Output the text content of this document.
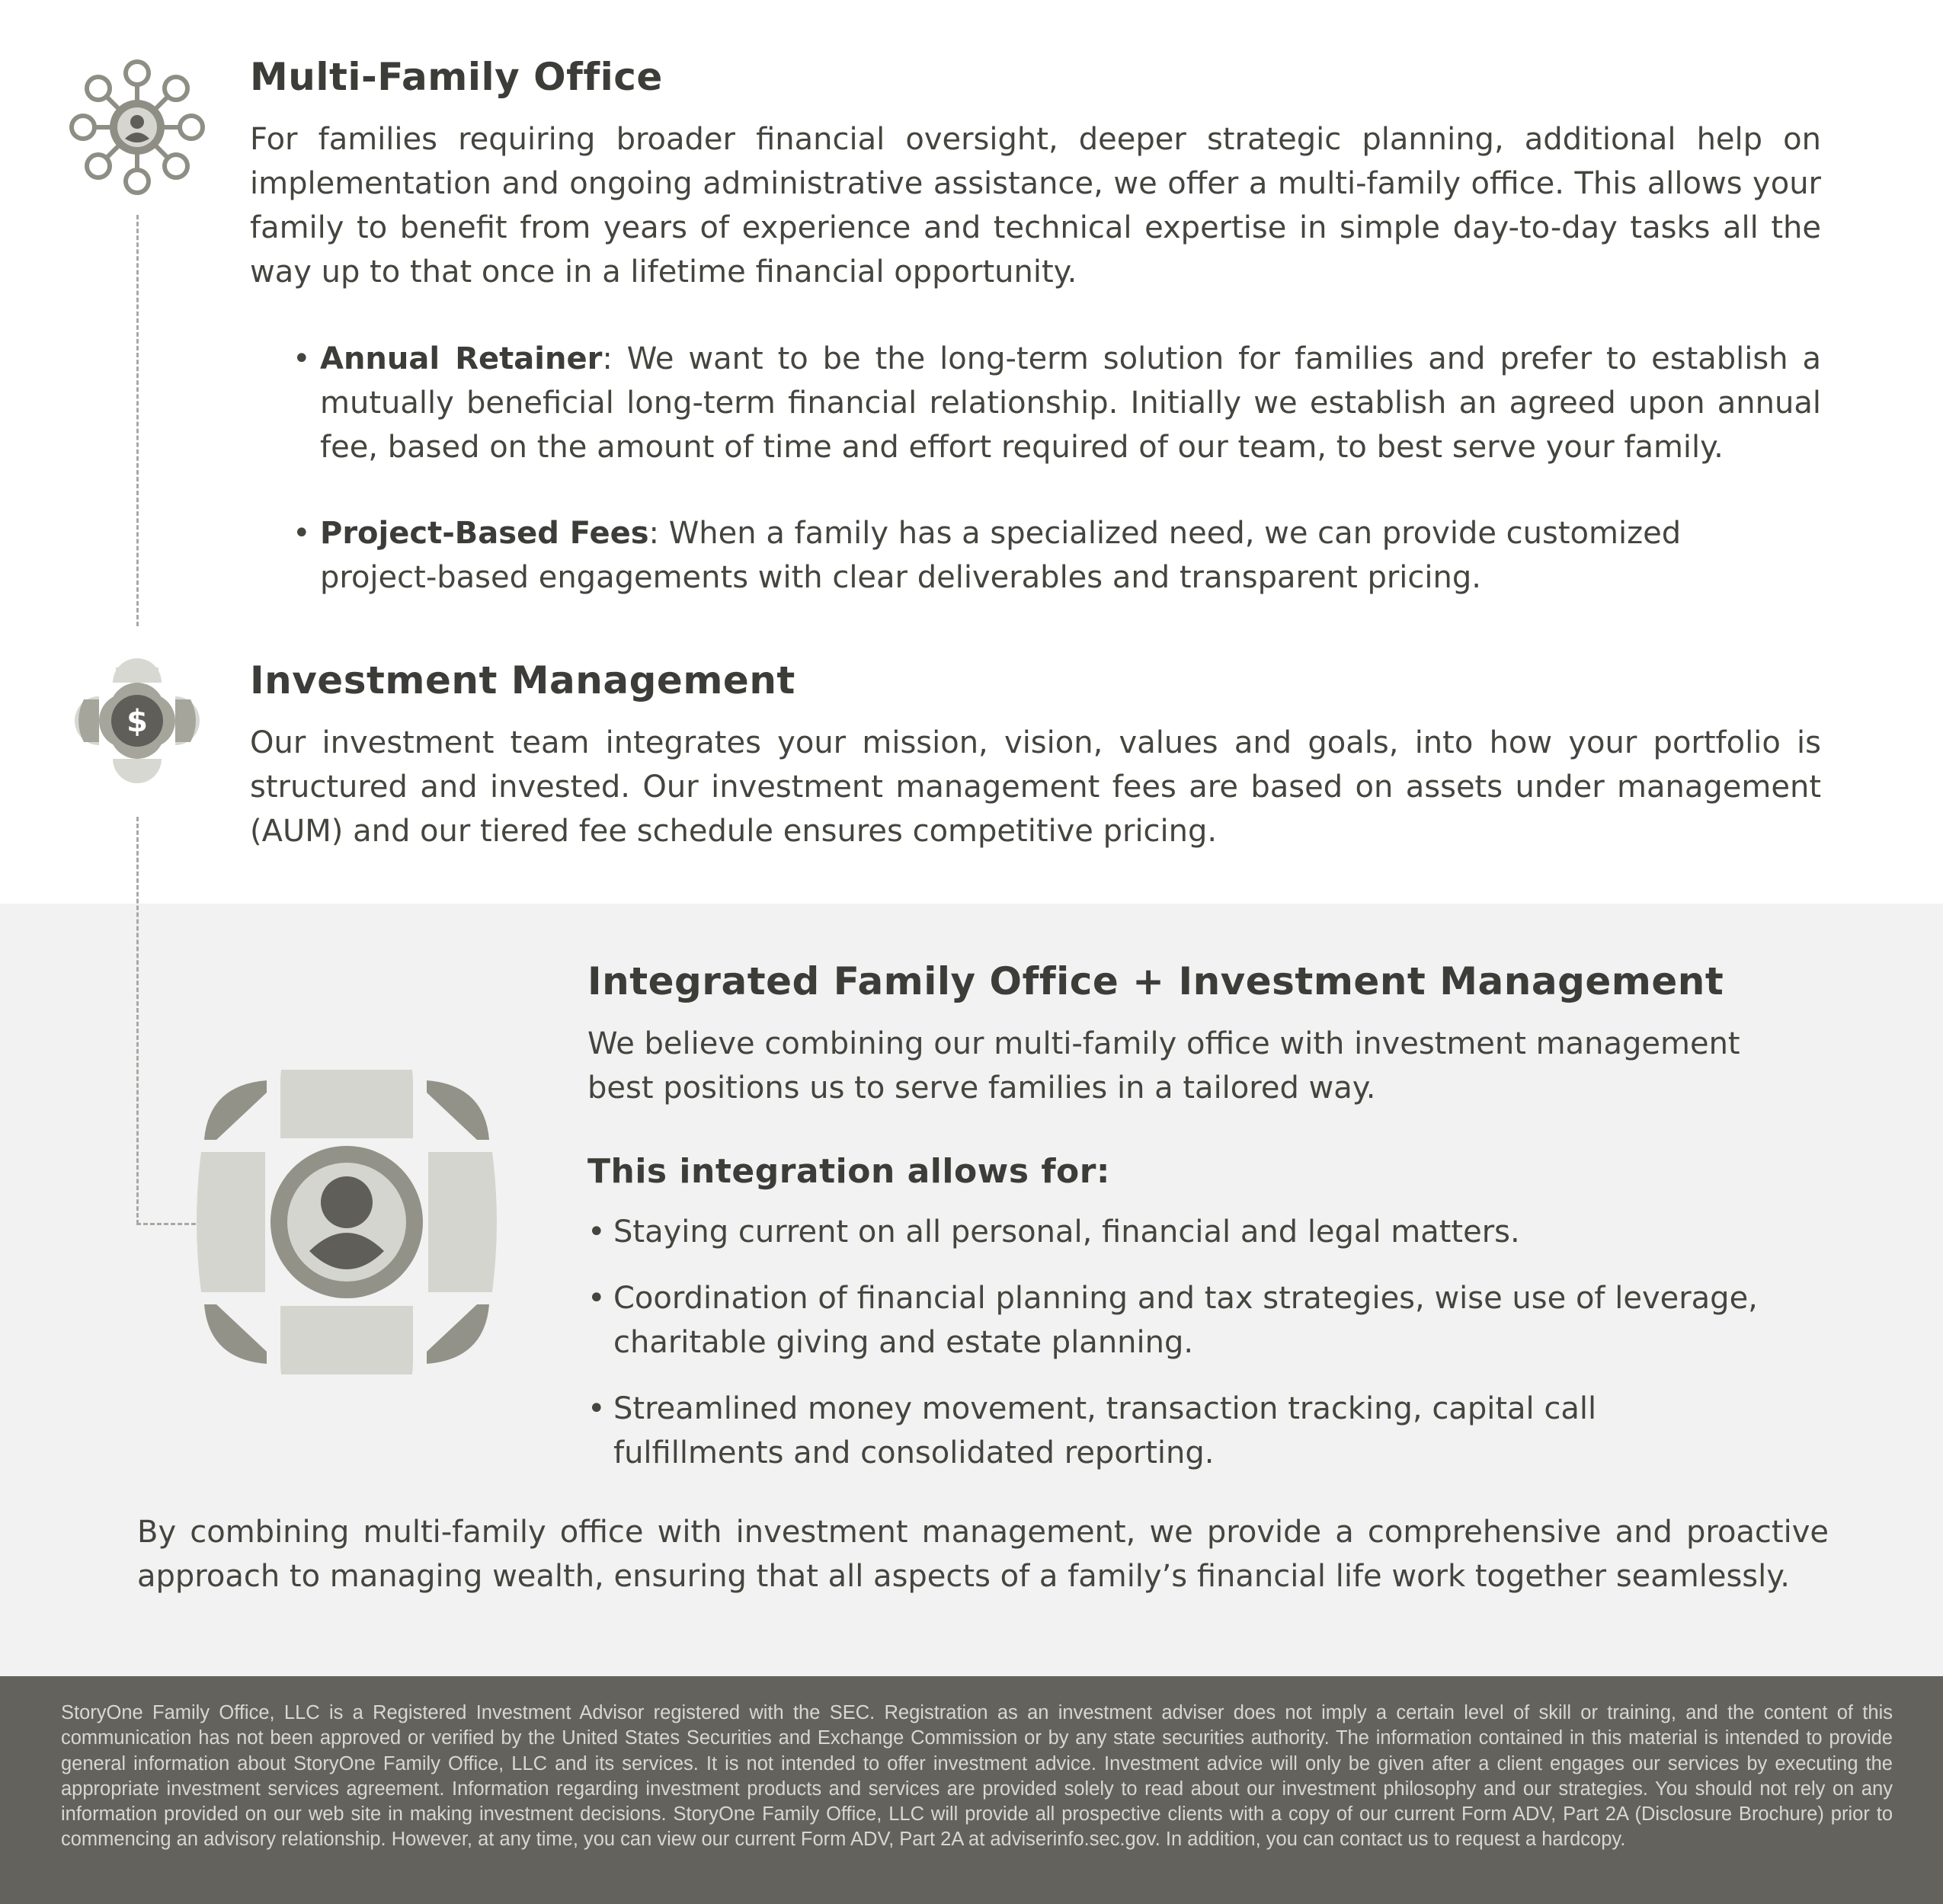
StoryOne Family Office, LLC is a Registered Investment Advisor registered with the SEC. Registration as an investment adviser does not imply a certain level of skill or training, and the content of this communication has not been approved or verified by the United States Securities and Exchange Commission or by any state securities authority. The information contained in this material is intended to provide general information about StoryOne Family Office, LLC and its services. It is not intended to offer investment advice. Investment advice will only be given after a client engages our services by executing the appropriate investment services agreement. Information regarding investment products and services are provided solely to read about our investment philosophy and our strategies. You should not rely on any information provided on our web site in making investment decisions. StoryOne Family Office, LLC will provide all prospective clients with a copy of our current Form ADV, Part 2A (Disclosure Brochure) prior to commencing an advisory relationship. However, at any time, you can view our current Form ADV, Part 2A at adviserinfo.sec.gov. In addition, you can contact us to request a hardcopy.

$
Multi-Family Office

For families requiring broader financial oversight, deeper strategic planning, additional help on implementation and ongoing administrative assistance, we offer a multi-family office. This allows your family to benefit from years of experience and technical expertise in simple day-to-day tasks all the way up to that once in a lifetime financial opportunity.

• Annual Retainer: We want to be the long-term solution for families and prefer to establish a mutually beneficial long-term financial relationship. Initially we establish an agreed upon annual fee, based on the amount of time and effort required of our team, to best serve your family.
• Project-Based Fees: When a family has a specialized need, we can provide customized project-based engagements with clear deliverables and transparent pricing.
Investment Management

Our investment team integrates your mission, vision, values and goals, into how your portfolio is structured and invested. Our investment management fees are based on assets under management (AUM) and our tiered fee schedule ensures competitive pricing.

Integrated Family Office + Investment Management

We believe combining our multi-family office with investment management best positions us to serve families in a tailored way.

This integration allows for:
• Staying current on all personal, financial and legal matters.
• Coordination of financial planning and tax strategies, wise use of leverage, charitable giving and estate planning.
• Streamlined money movement, transaction tracking, capital call fulfillments and consolidated reporting.

By combining multi-family office with investment management, we provide a comprehensive and proactive approach to managing wealth, ensuring that all aspects of a family’s financial life work together seamlessly.
